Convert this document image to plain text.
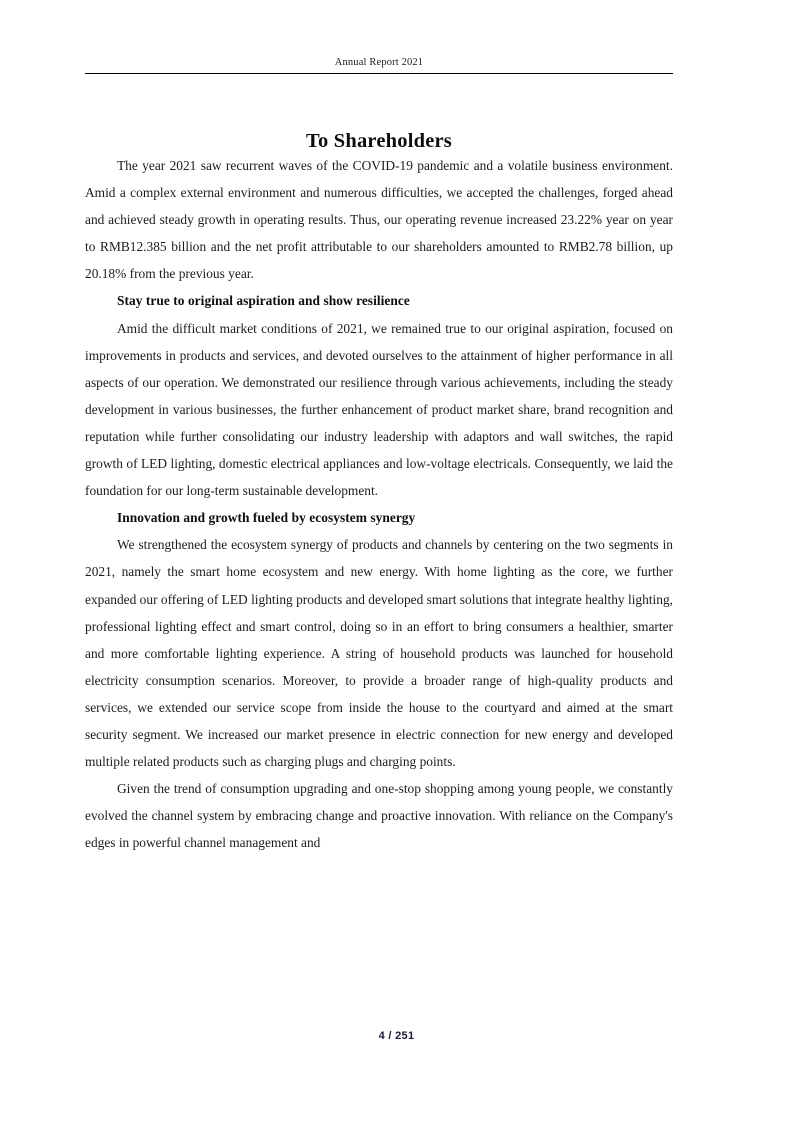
Annual Report 2021
To Shareholders

The year 2021 saw recurrent waves of the COVID-19 pandemic and a volatile business environment. Amid a complex external environment and numerous difficulties, we accepted the challenges, forged ahead and achieved steady growth in operating results. Thus, our operating revenue increased 23.22% year on year to RMB12.385 billion and the net profit attributable to our shareholders amounted to RMB2.78 billion, up 20.18% from the previous year.

Stay true to original aspiration and show resilience

Amid the difficult market conditions of 2021, we remained true to our original aspiration, focused on improvements in products and services, and devoted ourselves to the attainment of higher performance in all aspects of our operation. We demonstrated our resilience through various achievements, including the steady development in various businesses, the further enhancement of product market share, brand recognition and reputation while further consolidating our industry leadership with adaptors and wall switches, the rapid growth of LED lighting, domestic electrical appliances and low-voltage electricals. Consequently, we laid the foundation for our long-term sustainable development.

Innovation and growth fueled by ecosystem synergy

We strengthened the ecosystem synergy of products and channels by centering on the two segments in 2021, namely the smart home ecosystem and new energy. With home lighting as the core, we further expanded our offering of LED lighting products and developed smart solutions that integrate healthy lighting, professional lighting effect and smart control, doing so in an effort to bring consumers a healthier, smarter and more comfortable lighting experience. A string of household products was launched for household electricity consumption scenarios. Moreover, to provide a broader range of high-quality products and services, we extended our service scope from inside the house to the courtyard and aimed at the smart security segment. We increased our market presence in electric connection for new energy and developed multiple related products such as charging plugs and charging points.

Given the trend of consumption upgrading and one-stop shopping among young people, we constantly evolved the channel system by embracing change and proactive innovation. With reliance on the Company's edges in powerful channel management and

4 / 251
